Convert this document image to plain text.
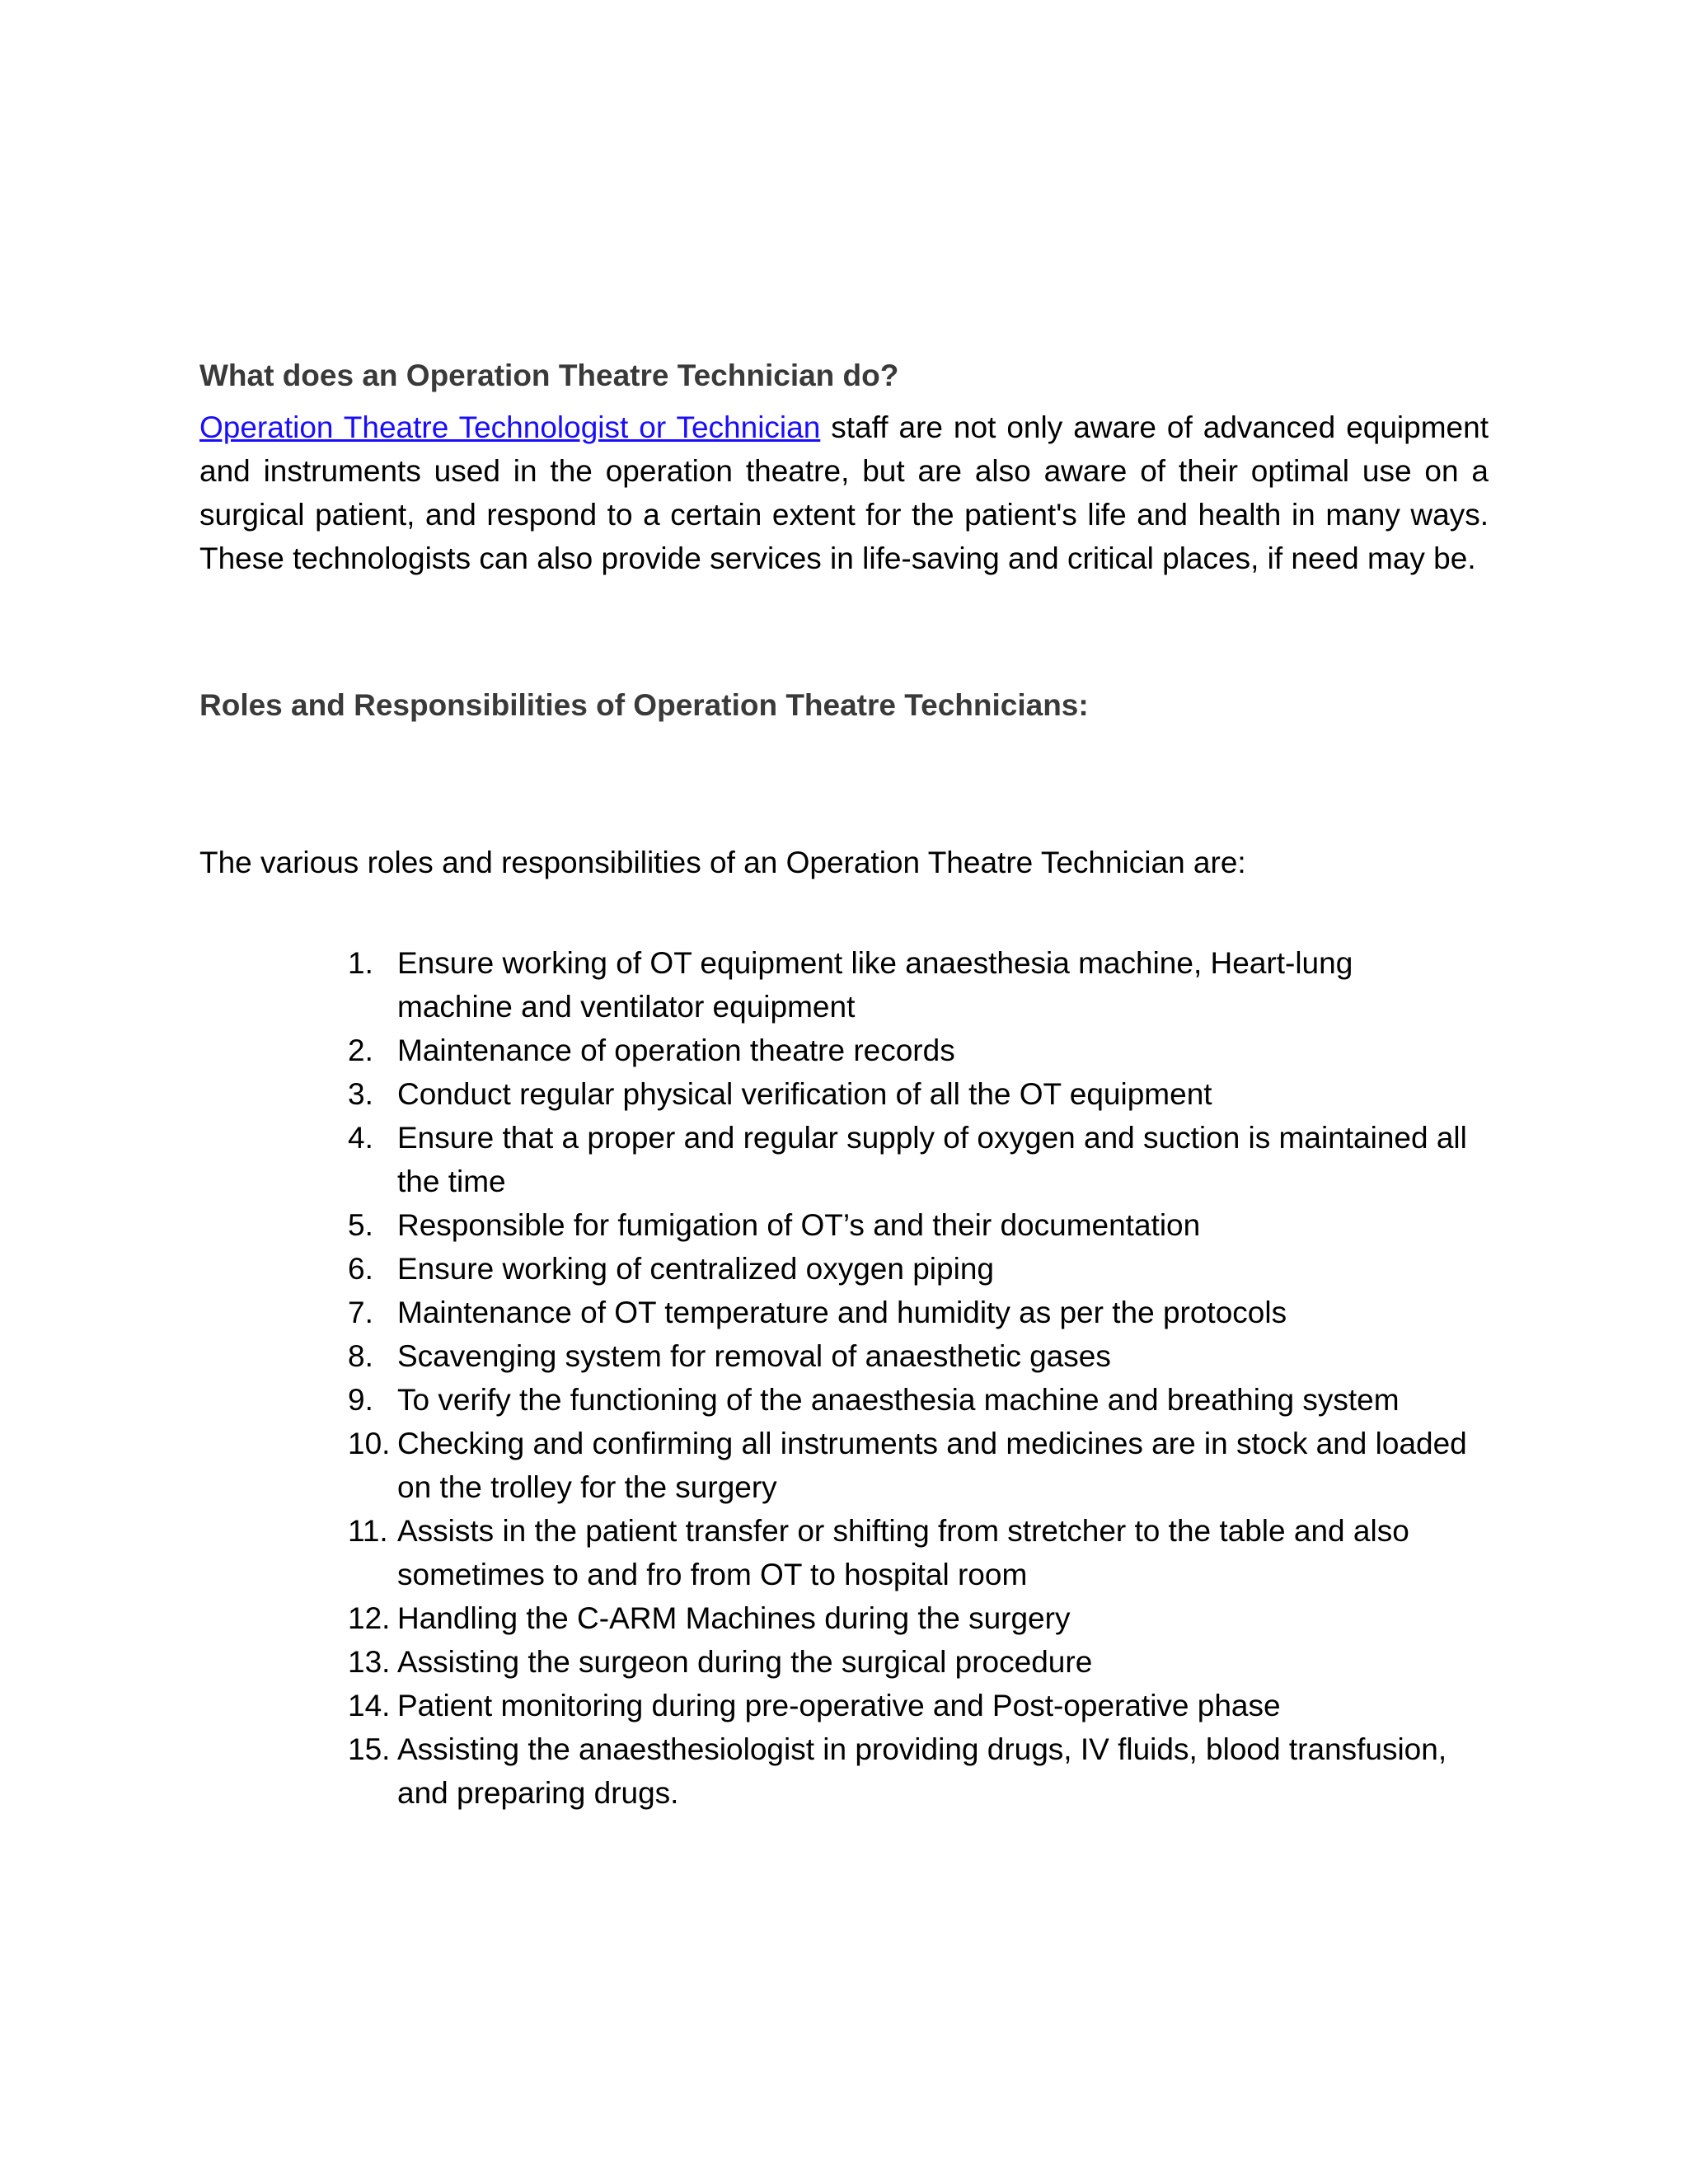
What does an Operation Theatre Technician do?

Operation Theatre Technologist or Technician staff are not only aware of advanced equipment and instruments used in the operation theatre, but are also aware of their optimal use on a surgical patient, and respond to a certain extent for the patient's life and health in many ways. These technologists can also provide services in life-saving and critical places, if need may be.

Roles and Responsibilities of Operation Theatre Technicians:

The various roles and responsibilities of an Operation Theatre Technician are:

1. Ensure working of OT equipment like anaesthesia machine, Heart-lung machine and ventilator equipment
2. Maintenance of operation theatre records
3. Conduct regular physical verification of all the OT equipment
4. Ensure that a proper and regular supply of oxygen and suction is maintained all the time
5. Responsible for fumigation of OT’s and their documentation
6. Ensure working of centralized oxygen piping
7. Maintenance of OT temperature and humidity as per the protocols
8. Scavenging system for removal of anaesthetic gases
9. To verify the functioning of the anaesthesia machine and breathing system
10. Checking and confirming all instruments and medicines are in stock and loaded on the trolley for the surgery
11. Assists in the patient transfer or shifting from stretcher to the table and also sometimes to and fro from OT to hospital room
12. Handling the C-ARM Machines during the surgery
13. Assisting the surgeon during the surgical procedure
14. Patient monitoring during pre-operative and Post-operative phase
15. Assisting the anaesthesiologist in providing drugs, IV fluids, blood transfusion, and preparing drugs.
